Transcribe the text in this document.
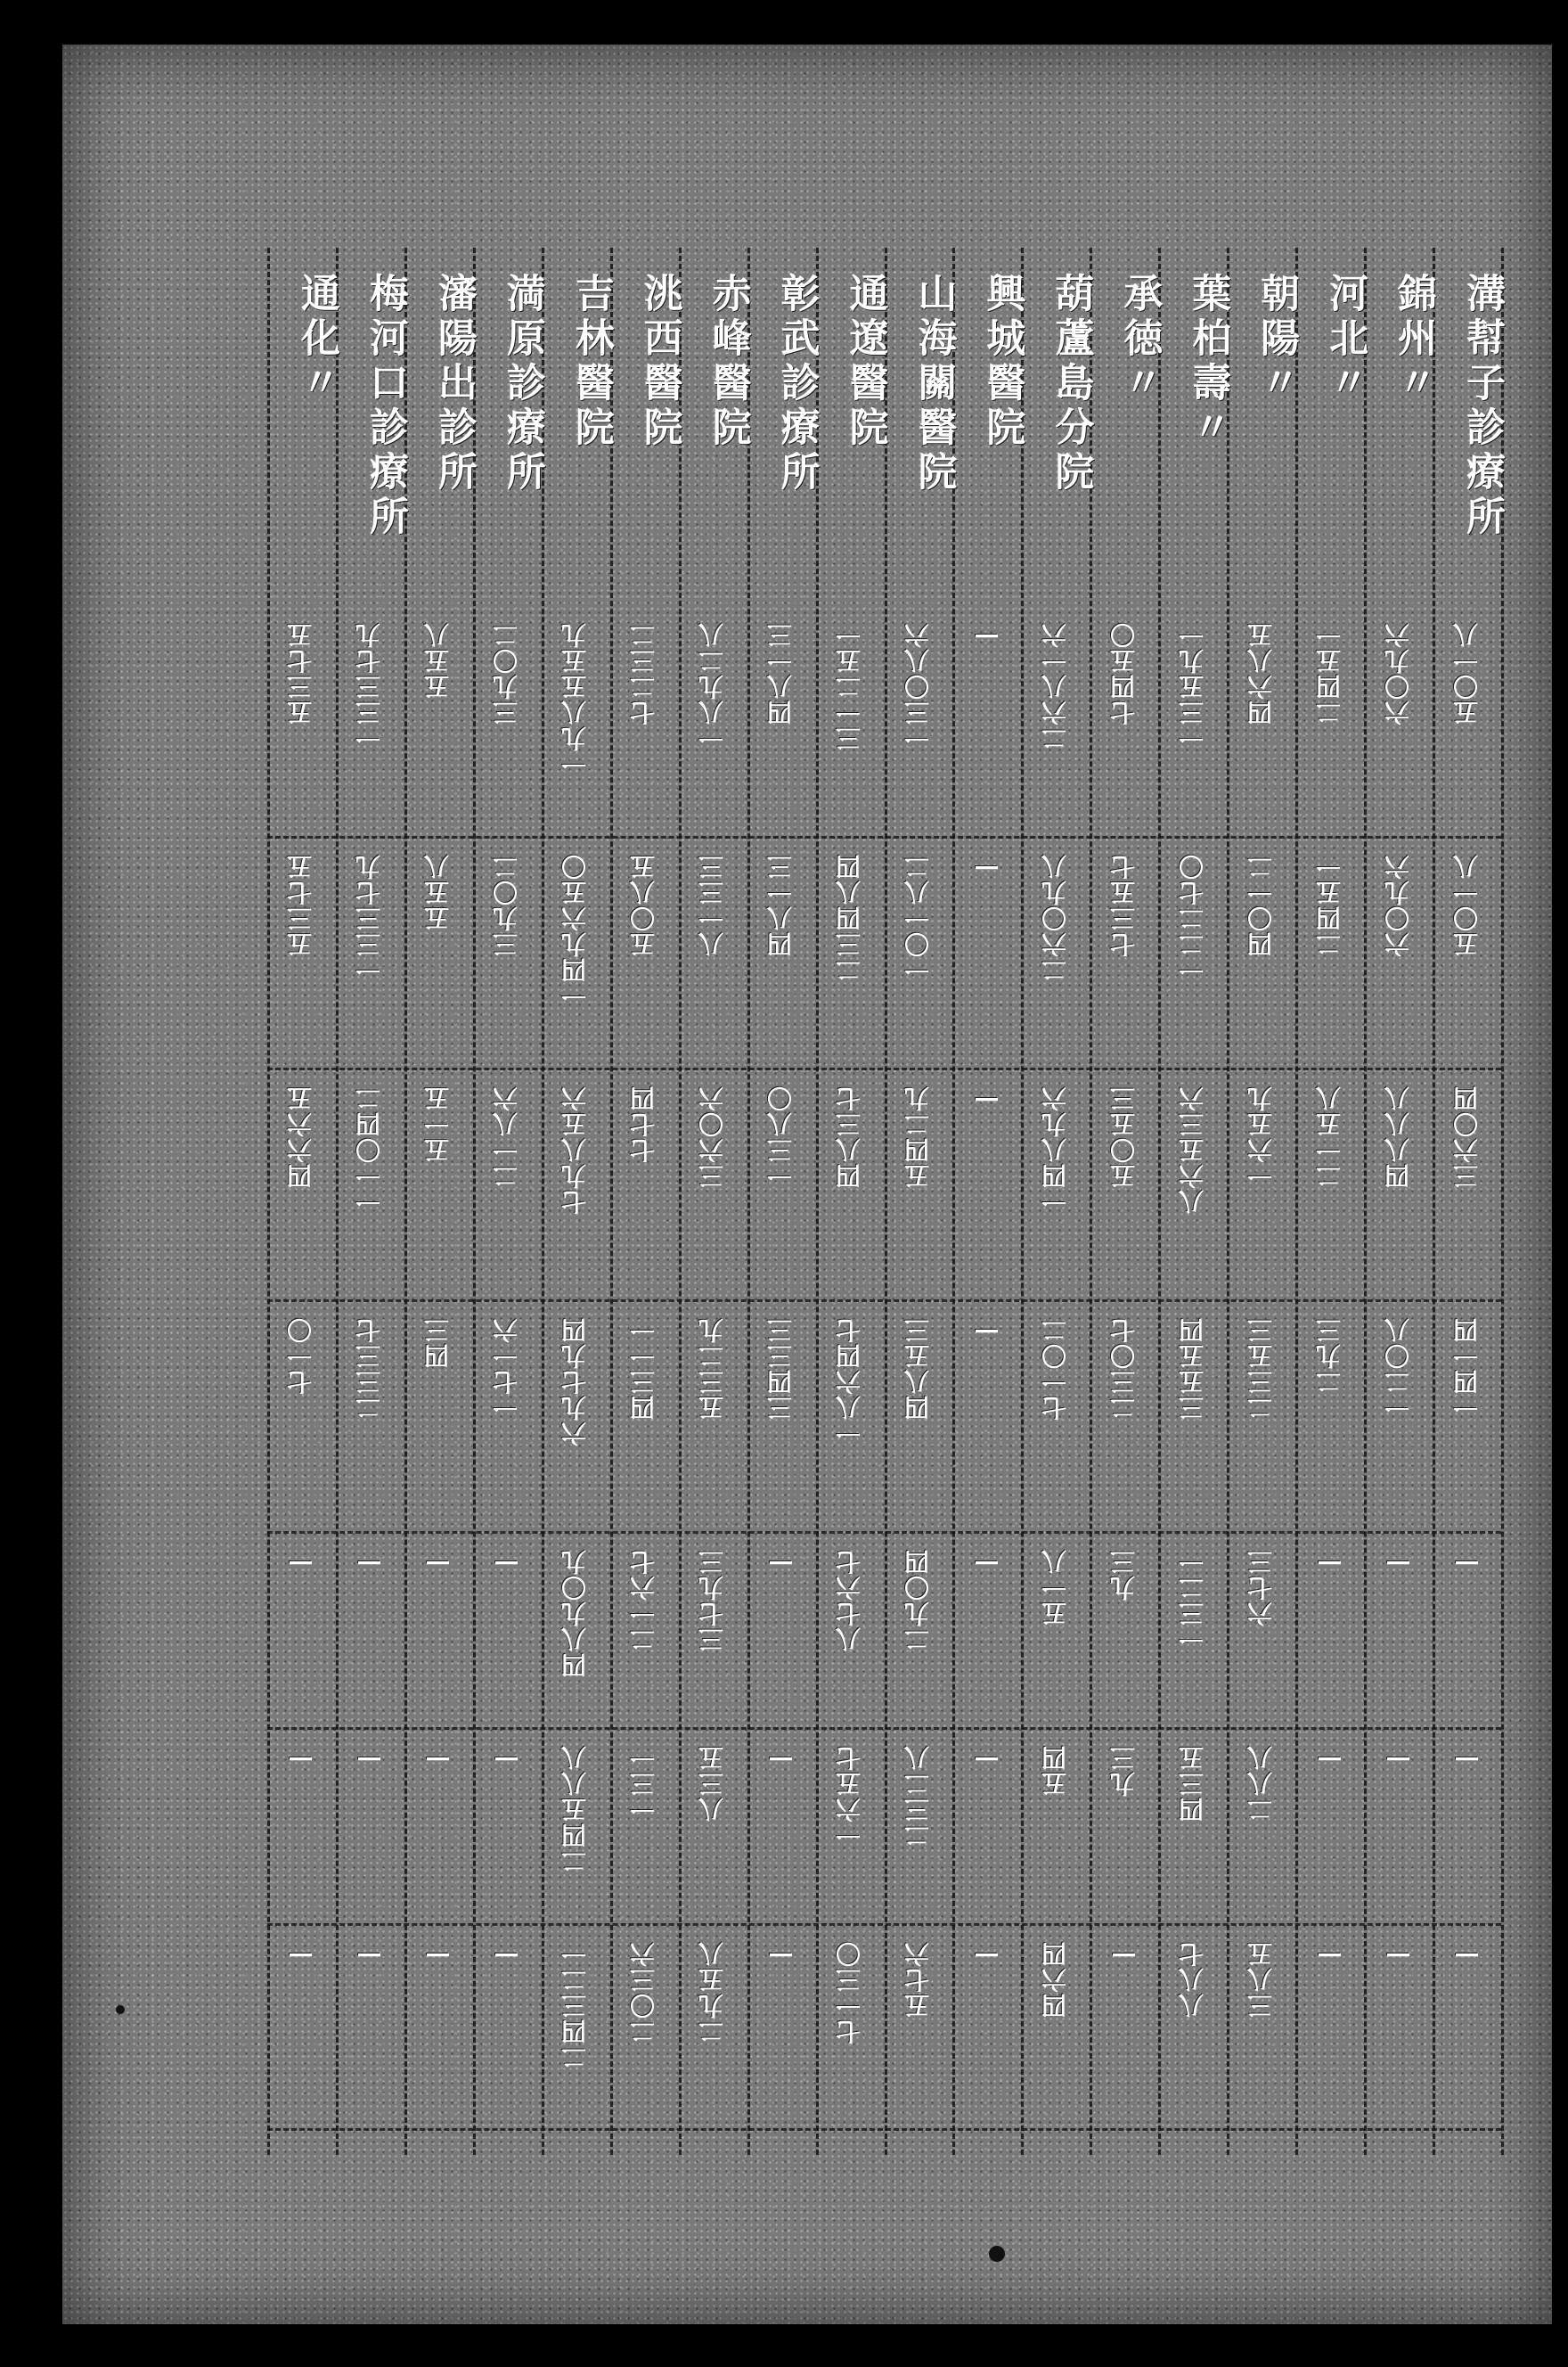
溝幇子診療所
五〇一八
五〇一八
三六〇四
一四一四
—
—
—
錦州〃
六〇九六
六〇九六
四八八八
一二〇八
—
—
—
河北〃
二四五一
二四五一
二一五八
二九三
—
—
—
朝陽〃
四六八五
四〇一二
一六五九
二三五三
六七三
二八八
三八五
葉柏壽〃
一三五九一
一二二七〇
八六五三六
三五五四
一三二一
四三五
八八七
承徳〃
七四五〇
七三五七
五〇五三
二三〇七
九三
九三
—
葫蘆島分院
二六八一六
二六〇九八
一四八九六
七一〇二
五一八
五四
四六四
興城醫院
—
—
—
—
—
—
—
山海關醫院
一三〇八六
一〇一八二
五四二九
四八五三
二九〇四
二三二八
五七六
通遼醫院
三一二五一
二三四八四
四八三七
一八六四七
八七六七
一六五七
七一三〇
彰武診療所
四八一三
四八一三
一三八〇
三四三三
—
—
—
赤峰醫院
一八九二八
八一三三
三六〇六
五三二九
三七九三
八三五
二九五八
洮西醫院
七二三二
五〇八五
七七四
四三一一
二一六七
一三一
二〇三六
吉林醫院
一九八五五九
一四九六五〇
七九八五六
六九七九四
四八九〇九
二四五八八
二四三二一
満原診療所
三九〇二
三九〇二
二一八六
一七一六
—
—
—
瀋陽出診所
五五八
五五八
五一五
四三
—
—
—
梅河口診療所
一三三七九
一三三七九
一一〇四二
二三三七
—
—
—
通化〃
五三七五
五三七五
四六六五
七一〇
—
—
—
